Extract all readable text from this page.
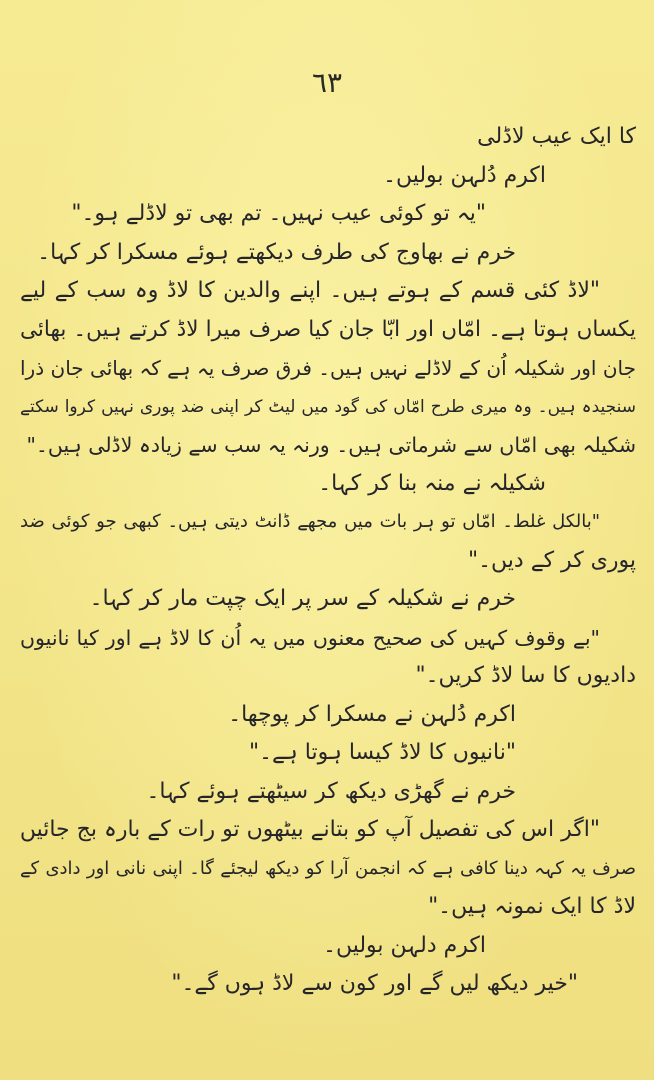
٦٣
کا ایک عیب لاڈلی
اکرم دُلہن بولیں۔
"یہ تو کوئی عیب نہیں۔ تم بھی تو لاڈلے ہو۔"
خرم نے بھاوج کی طرف دیکھتے ہوئے مسکرا کر کہا۔
"لاڈ کئی قسم کے ہوتے ہیں۔ اپنے والدین کا لاڈ وہ سب کے لیے
یکساں ہوتا ہے۔ امّاں اور ابّا جان کیا صرف میرا لاڈ کرتے ہیں۔ بھائی
جان اور شکیلہ اُن کے لاڈلے نہیں ہیں۔ فرق صرف یہ ہے کہ بھائی جان ذرا
سنجیدہ ہیں۔ وہ میری طرح امّاں کی گود میں لیٹ کر اپنی ضد پوری نہیں کروا سکتے
شکیلہ بھی امّاں سے شرماتی ہیں۔ ورنہ یہ سب سے زیادہ لاڈلی ہیں۔"
شکیلہ نے منہ بنا کر کہا۔
"بالکل غلط۔ امّاں تو ہر بات میں مجھے ڈانٹ دیتی ہیں۔ کبھی جو کوئی ضد
پوری کر کے دیں۔"
خرم نے شکیلہ کے سر پر ایک چپت مار کر کہا۔
"بے وقوف کہیں کی صحیح معنوں میں یہ اُن کا لاڈ ہے اور کیا نانیوں
دادیوں کا سا لاڈ کریں۔"
اکرم دُلہن نے مسکرا کر پوچھا۔
"نانیوں کا لاڈ کیسا ہوتا ہے۔"
خرم نے گھڑی دیکھ کر سیٹھتے ہوئے کہا۔
"اگر اس کی تفصیل آپ کو بتانے بیٹھوں تو رات کے بارہ بج جائیں
صرف یہ کہہ دینا کافی ہے کہ انجمن آرا کو دیکھ لیجئے گا۔ اپنی نانی اور دادی کے
لاڈ کا ایک نمونہ ہیں۔"
اکرم دلہن بولیں۔
"خیر دیکھ لیں گے اور کون سے لاڈ ہوں گے۔"
